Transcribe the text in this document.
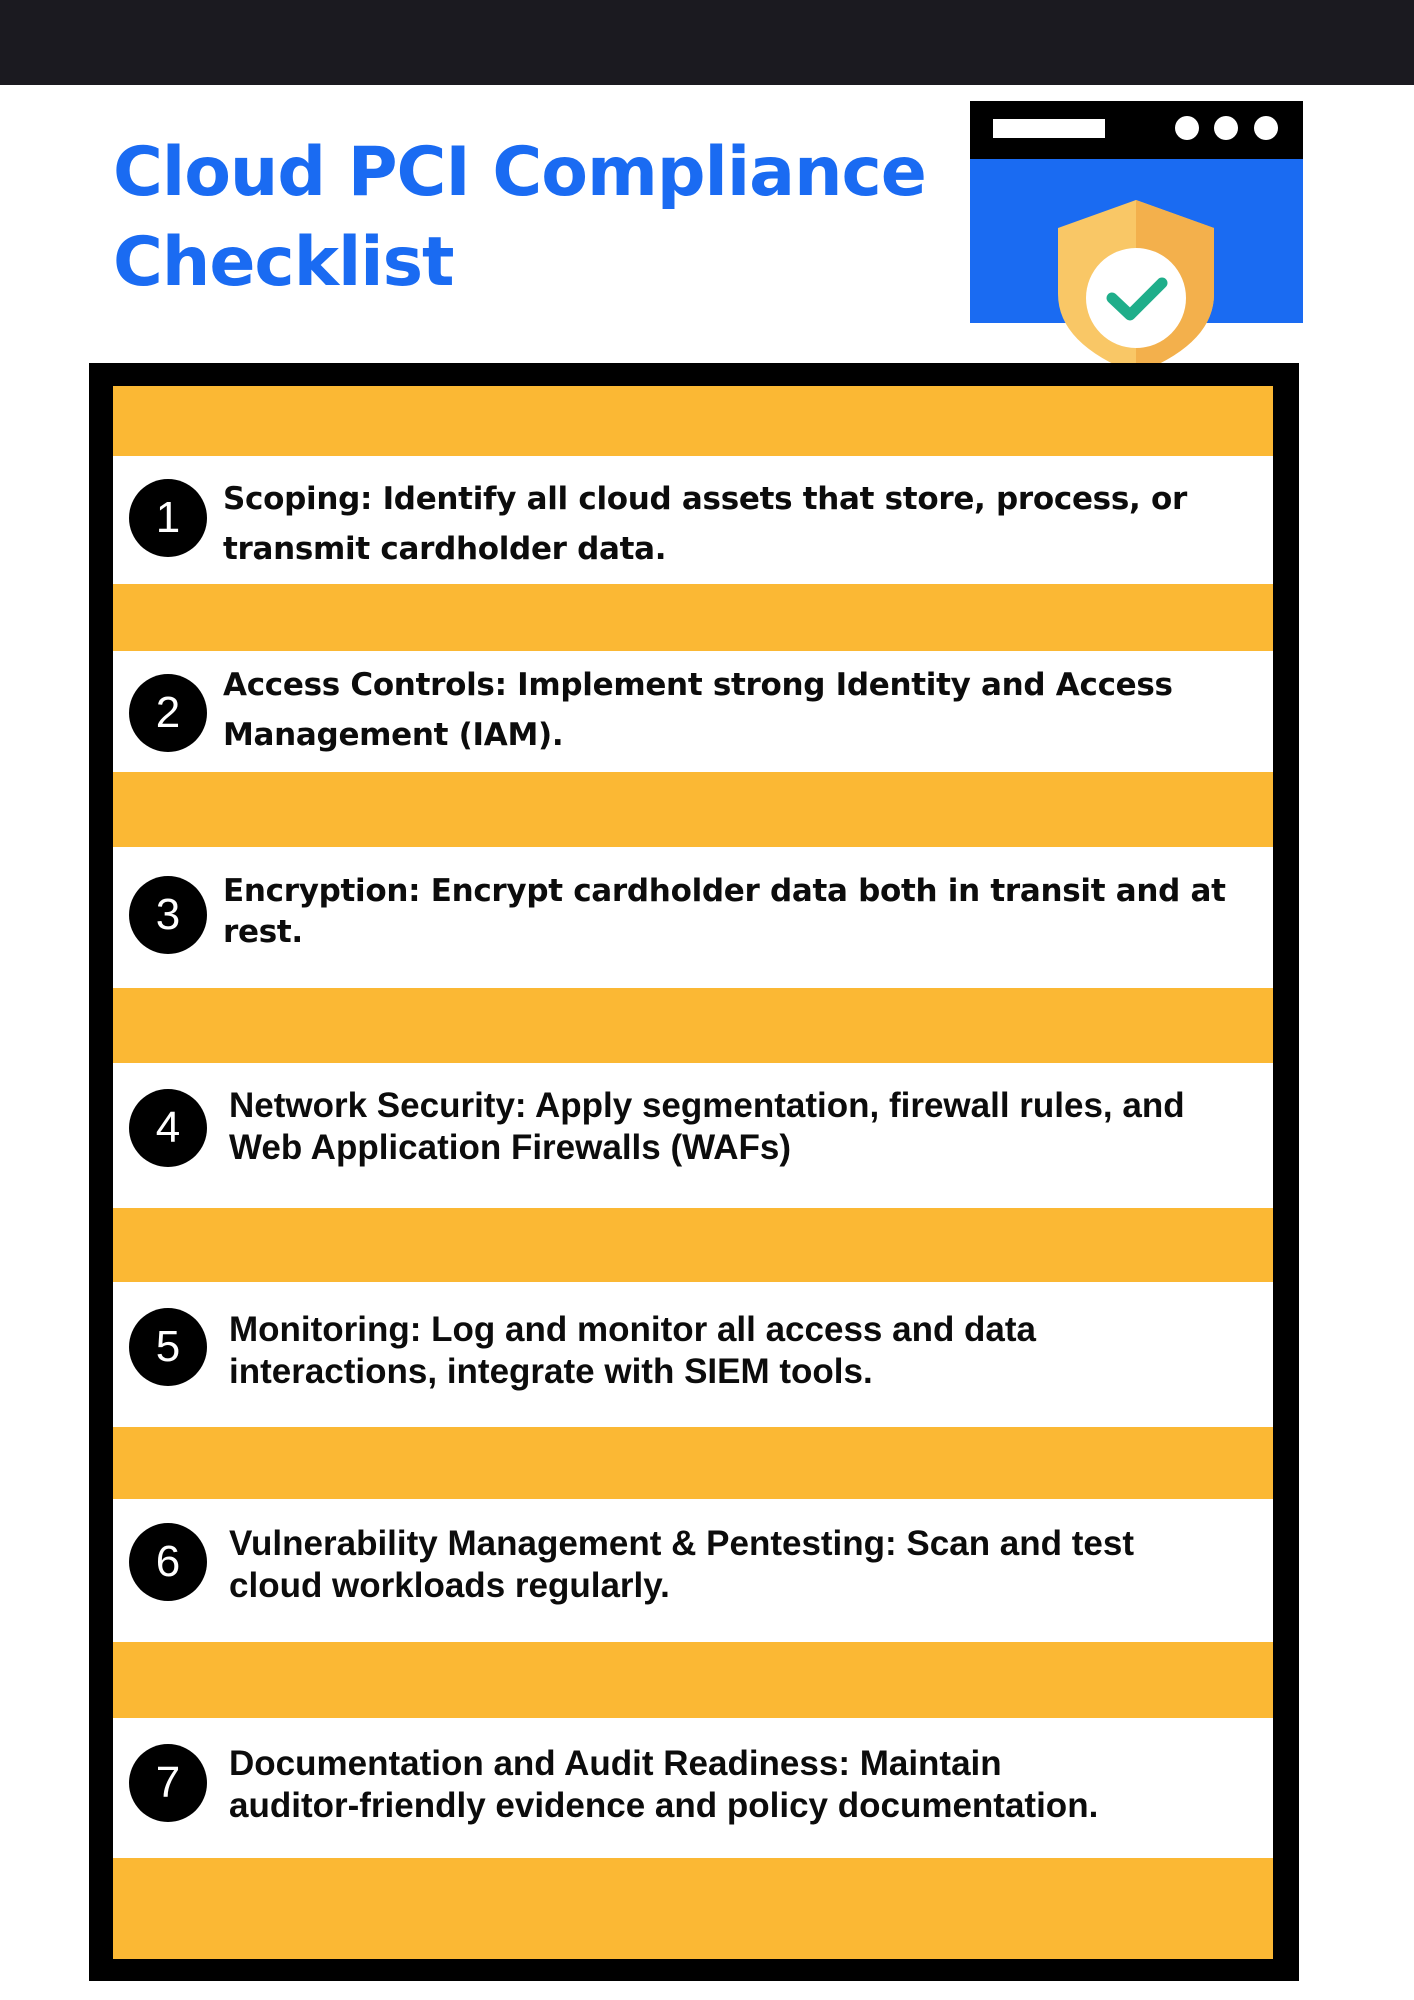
Cloud PCI Compliance
Checklist
1	Scoping: Identify all cloud assets that store, process, or transmit cardholder data.

2

Access Controls: Implement strong Identity and Access Management (IAM).

3	Encryption: Encrypt cardholder data both in transit and at rest.

4	Network Security: Apply segmentation, firewall rules, and Web Application Firewalls (WAFs)

5	Monitoring: Log and monitor all access and data interactions, integrate with SIEM tools.

6	Vulnerability Management & Pentesting: Scan and test cloud workloads regularly.

7	Documentation and Audit Readiness: Maintain auditor-friendly evidence and policy documentation.
